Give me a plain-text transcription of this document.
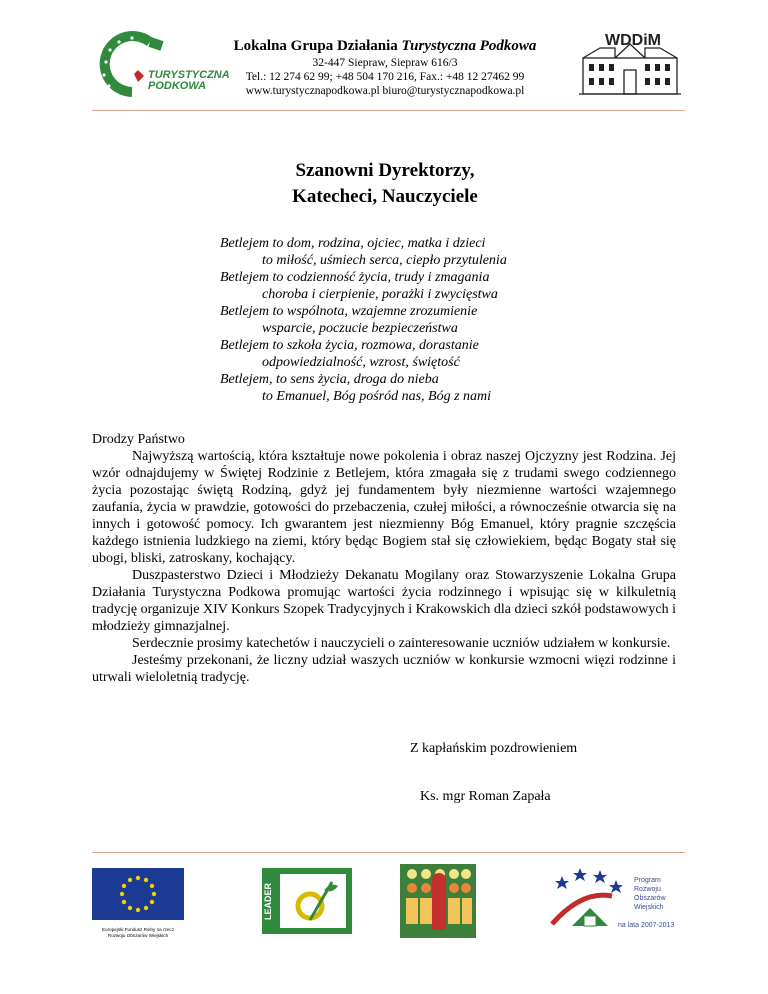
TURYSTYCZNA
PODKOWA
Lokalna Grupa Działania Turystyczna Podkowa
32-447 Siepraw, Siepraw 616/3
Tel.: 12 274 62 99; +48 504 170 216, Fax.: +48 12 27462 99
www.turystycznapodkowa.pl biuro@turystycznapodkowa.pl
WDDiM
Szanowni Dyrektorzy,
Katecheci, Nauczyciele
Betlejem to dom, rodzina, ojciec, matka i dzieci
to miłość, uśmiech serca, ciepło przytulenia
Betlejem to codzienność życia, trudy i zmagania
choroba i cierpienie, porażki i zwycięstwa
Betlejem to wspólnota, wzajemne zrozumienie
wsparcie, poczucie bezpieczeństwa
Betlejem to szkoła życia, rozmowa, dorastanie
odpowiedzialność, wzrost, świętość
Betlejem, to sens życia, droga do nieba
to Emanuel, Bóg pośród nas, Bóg z nami

Drodzy Państwo

Najwyższą wartością, która kształtuje nowe pokolenia i obraz naszej Ojczyzny jest Rodzina. Jej wzór odnajdujemy w Świętej Rodzinie z Betlejem, która zmagała się z trudami swego codziennego życia pozostając świętą Rodziną, gdyż jej fundamentem były niezmienne wartości wzajemnego zaufania, życia w prawdzie, gotowości do przebaczenia, czułej miłości, a równocześnie otwarcia się na innych i gotowość pomocy. Ich gwarantem jest niezmienny Bóg Emanuel, który pragnie szczęścia każdego istnienia ludzkiego na ziemi, który będąc Bogiem stał się człowiekiem, będąc Bogaty stał się ubogi, bliski, zatroskany, kochający.

Duszpasterstwo Dzieci i Młodzieży Dekanatu Mogilany oraz Stowarzyszenie Lokalna Grupa Działania Turystyczna Podkowa promując wartości życia rodzinnego i wpisując się w kilkuletnią tradycję organizuje XIV Konkurs Szopek Tradycyjnych i Krakowskich dla dzieci szkół podstawowych i młodzieży gimnazjalnej.

Serdecznie prosimy katechetów i nauczycieli o zainteresowanie uczniów udziałem w konkursie.

Jesteśmy przekonani, że liczny udział waszych uczniów w konkursie wzmocni więzi rodzinne i utrwali wieloletnią tradycję.

Z kapłańskim pozdrowieniem
Ks. mgr Roman Zapała
Europejski Fundusz Rolny na rzecz
Rozwoju Obszarów Wiejskich
LEADER
Program
Rozwoju
Obszarów
Wiejskich
na lata 2007-2013
